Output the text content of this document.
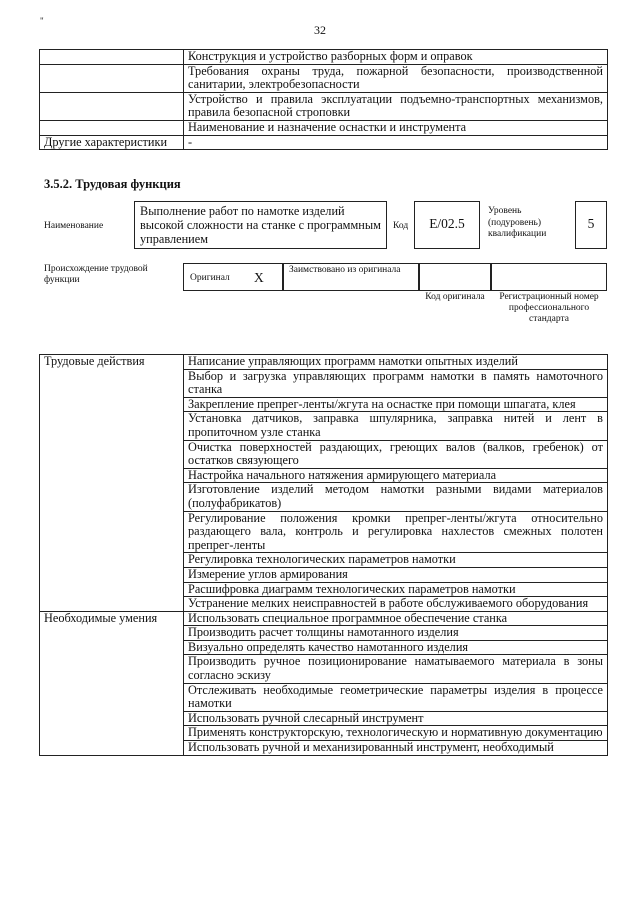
"
32
	Конструкция и устройство разборных форм и оправок
	Требования охраны труда, пожарной безопасности, производственной санитарии, электробезопасности
	Устройство и правила эксплуатации подъемно-транспортных механизмов, правила безопасной строповки
	Наименование и назначение оснастки и инструмента
Другие характеристики	-
3.5.2. Трудовая функция
Наименование
Выполнение работ по намотке изделий высокой сложности на станке с программным управлением
Код	E/02.5
Уровень (подуровень) квалификации
5
Происхождение трудовой функции	Оригинал X	Заимствовано из оригинала
Код оригинала	Регистрационный номер профессионального стандарта
Трудовые действия	Написание управляющих программ намотки опытных изделий
	Выбор и загрузка управляющих программ намотки в память намоточного станка
	Закрепление препрег-ленты/жгута на оснастке при помощи шпагата, клея
	Установка датчиков, заправка шпулярника, заправка нитей и лент в пропиточном узле станка
	Очистка поверхностей раздающих, греющих валов (валков, гребенок) от остатков связующего
	Настройка начального натяжения армирующего материала
	Изготовление изделий методом намотки разными видами материалов (полуфабрикатов)
	Регулирование положения кромки препрег-ленты/жгута относительно раздающего вала, контроль и регулировка нахлестов смежных полотен препрег-ленты
	Регулировка технологических параметров намотки
	Измерение углов армирования
	Расшифровка диаграмм технологических параметров намотки
	Устранение мелких неисправностей в работе обслуживаемого оборудования
Необходимые умения	Использовать специальное программное обеспечение станка
	Производить расчет толщины намотанного изделия
	Визуально определять качество намотанного изделия
	Производить ручное позиционирование наматываемого материала в зоны согласно эскизу
	Отслеживать необходимые геометрические параметры изделия в процессе намотки
	Использовать ручной слесарный инструмент
	Применять конструкторскую, технологическую и нормативную документацию
	Использовать ручной и механизированный инструмент, необходимый
